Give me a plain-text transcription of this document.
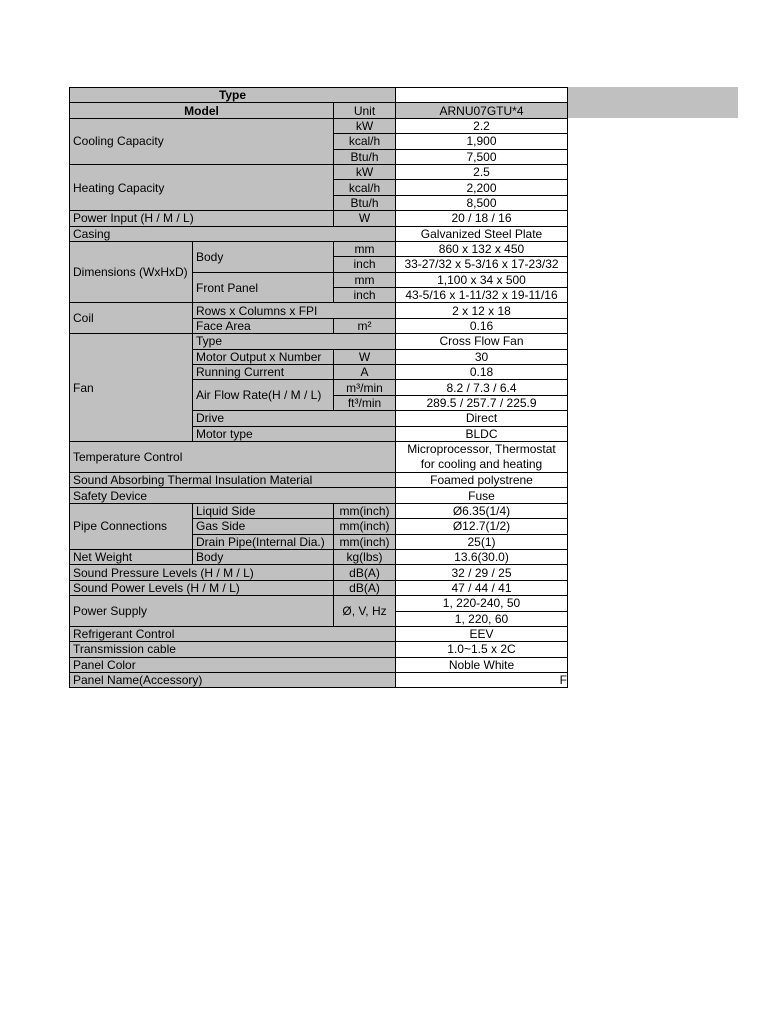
Type			
Model		Unit	ARNU07GTU*4
Cooling Capacity		kW	2.2
		kcal/h	1,900
		Btu/h	7,500
Heating Capacity		kW	2.5
		kcal/h	2,200
		Btu/h	8,500
Power Input (H / M / L)		W	20 / 18 / 16
Casing			Galvanized Steel Plate
Dimensions (WxHxD)	Body	mm	860 x 132 x 450
		inch	33-27/32 x 5-3/16 x 17-23/32
	Front Panel	mm	1,100 x 34 x 500
		inch	43-5/16 x 1-11/32 x 19-11/16
Coil	Rows x Columns x FPI		2 x 12 x 18
	Face Area	m²	0.16
Fan	Type		Cross Flow Fan
	Motor Output x Number	W	30
	Running Current	A	0.18
	Air Flow Rate(H / M / L)	m³/min	8.2 / 7.3 / 6.4
		ft³/min	289.5 / 257.7 / 225.9
	Drive		Direct
	Motor type		BLDC
Temperature Control			Microprocessor, Thermostat
for cooling and heating

Sound Absorbing Thermal Insulation Material			Foamed polystrene
Safety Device			Fuse
Pipe Connections	Liquid Side	mm(inch)	Ø6.35(1/4)
	Gas Side	mm(inch)	Ø12.7(1/2)
	Drain Pipe(Internal Dia.)	mm(inch)	25(1)
Net Weight	Body	kg(lbs)	13.6(30.0)
Sound Pressure Levels (H / M / L)		dB(A)	32 / 29 / 25
Sound Power Levels (H / M / L)		dB(A)	47 / 44 / 41
Power Supply		Ø, V, Hz	1, 220-240, 50
			1, 220, 60
Refrigerant Control			EEV
Transmission cable			1.0~1.5 x 2C
Panel Color			Noble White
Panel Name(Accessory)			F
